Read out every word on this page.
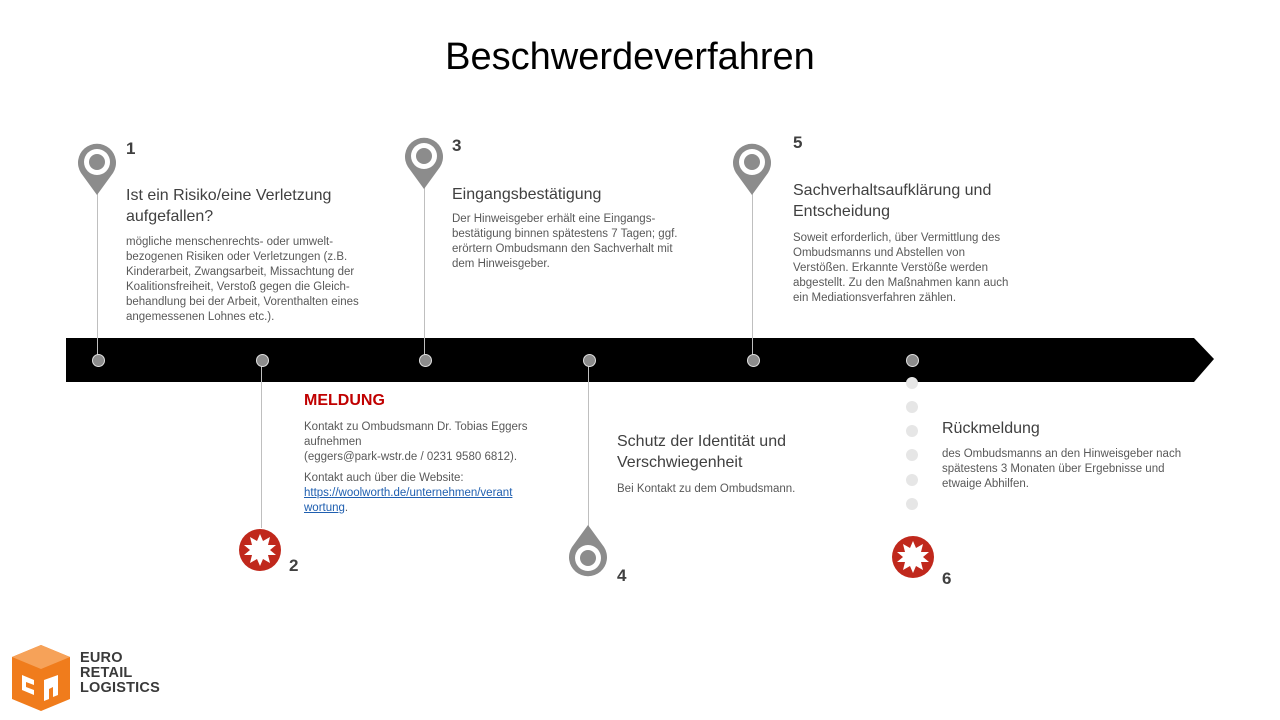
Beschwerdeverfahren
1
Ist ein Risiko/eine Verletzung aufgefallen?
mögliche menschenrechts- oder umwelt-
bezogenen Risiken oder Verletzungen (z.B.
Kinderarbeit, Zwangsarbeit, Missachtung der
Koalitionsfreiheit, Verstoß gegen die Gleich-
behandlung bei der Arbeit, Vorenthalten eines
angemessenen Lohnes etc.).
MELDUNG
Kontakt zu Ombudsmann Dr. Tobias Eggers
aufnehmen
(eggers@park-wstr.de / 0231 9580 6812).
Kontakt auch über die Website:
https://woolworth.de/unternehmen/verant
wortung.
2
3
Eingangsbestätigung
Der Hinweisgeber erhält eine Eingangs-
bestätigung binnen spätestens 7 Tagen; ggf.
erörtern Ombudsmann den Sachverhalt mit
dem Hinweisgeber.
Schutz der Identität und Verschwiegenheit
Bei Kontakt zu dem Ombudsmann.
4
5
Sachverhaltsaufklärung und Entscheidung
Soweit erforderlich, über Vermittlung des
Ombudsmanns und Abstellen von
Verstößen. Erkannte Verstöße werden
abgestellt. Zu den Maßnahmen kann auch
ein Mediationsverfahren zählen.
Rückmeldung
des Ombudsmanns an den Hinweisgeber nach
spätestens 3 Monaten über Ergebnisse und
etwaige Abhilfen.
6
EURO
RETAIL
LOGISTICS
